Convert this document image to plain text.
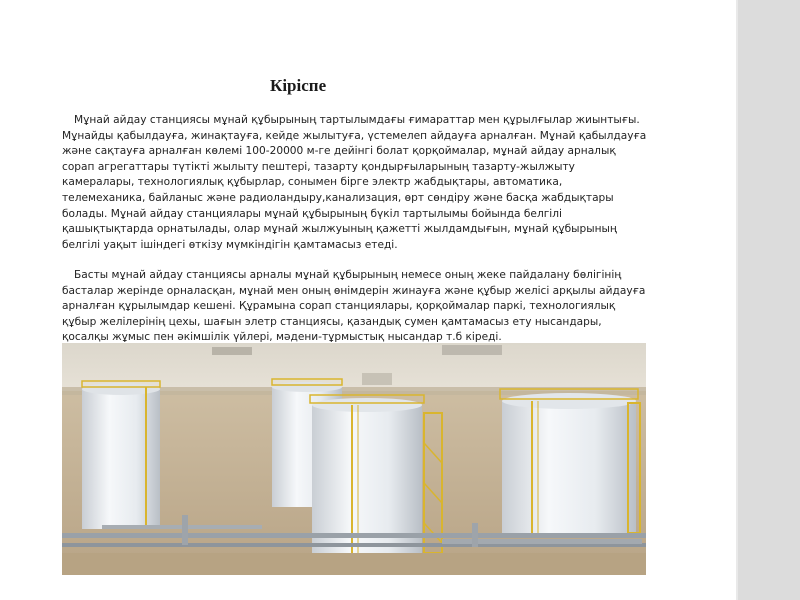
Кіріспе

Мұнай айдау станциясы мұнай құбырының тартылымдағы ғимараттар мен құрылғылар жиынтығы. Мұнайды қабылдауға, жинақтауға, кейде жылытуға, үстемелеп айдауға арналған. Мұнай қабылдауға және сақтауға арналған көлемі 100-20000 м-ге дейінгі болат қорқоймалар, мұнай айдау арналық сорап агрегаттары түтікті жылыту пештері, тазарту қондырғыларының тазарту-жылжыту камералары, технологиялық құбырлар, сонымен бірге электр жабдықтары, автоматика, телемеханика, байланыс және радиоландыру,канализация, өрт сөндіру және басқа жабдықтары болады. Мұнай айдау станциялары мұнай құбырының бүкіл тартылымы бойында белгілі қашықтықтарда орнатылады, олар мұнай жылжуының қажетті жылдамдығын, мұнай құбырының белгілі уақыт ішіндегі өткізу мүмкіндігін қамтамасыз етеді.

Басты мұнай айдау станциясы арналы мұнай құбырының немесе оның жеке пайдалану бөлігінің басталар жерінде орналасқан, мұнай мен оның өнімдерін жинауға және құбыр желісі арқылы айдауға арналған құрылымдар кешені. Құрамына сорап станциялары, қорқоймалар паркі, технологиялық құбыр желілерінің цехы, шағын элетр станциясы, қазандық сумен қамтамасыз ету нысандары, қосалқы жұмыс пен әкімшілік үйлері, мәдени-тұрмыстық нысандар т.б кіреді.
